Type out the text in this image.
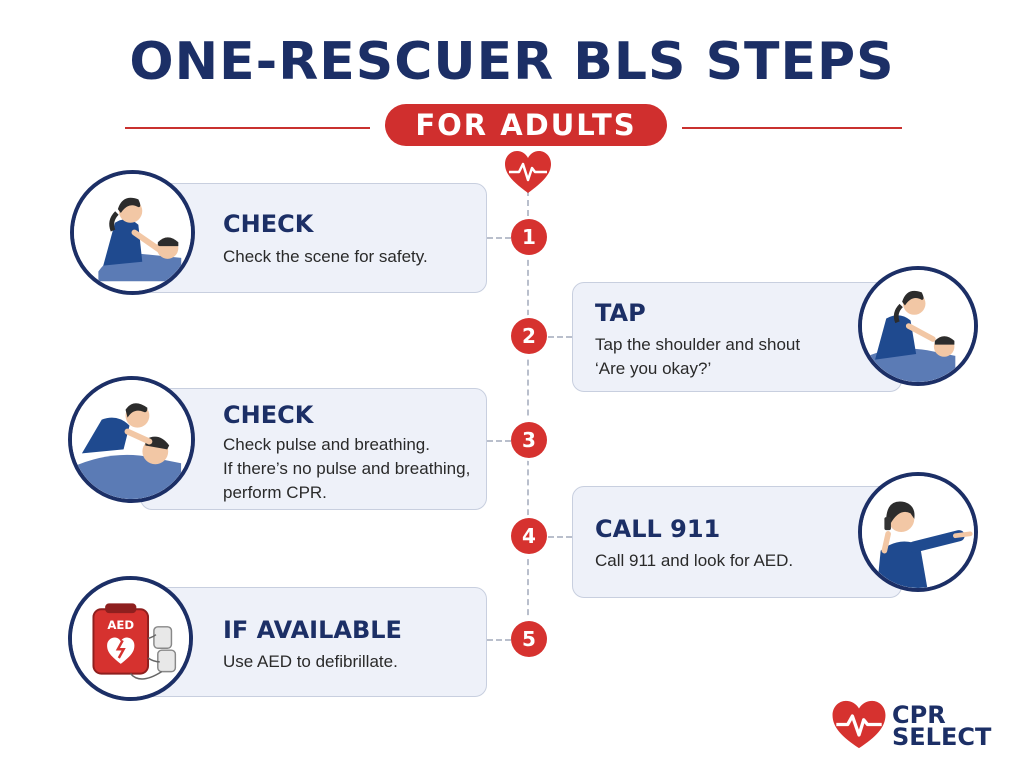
ONE-RESCUER BLS STEPS
FOR ADULTS
1
2
3
4
5
CHECK
Check the scene for safety.
TAP
Tap the shoulder and shout
‘Are you okay?’
CHECK
Check pulse and breathing.
If there’s no pulse and breathing,
perform CPR.
CALL 911
Call 911 and look for AED.
IF AVAILABLE
Use AED to defibrillate.
AED
CPR
SELECT
